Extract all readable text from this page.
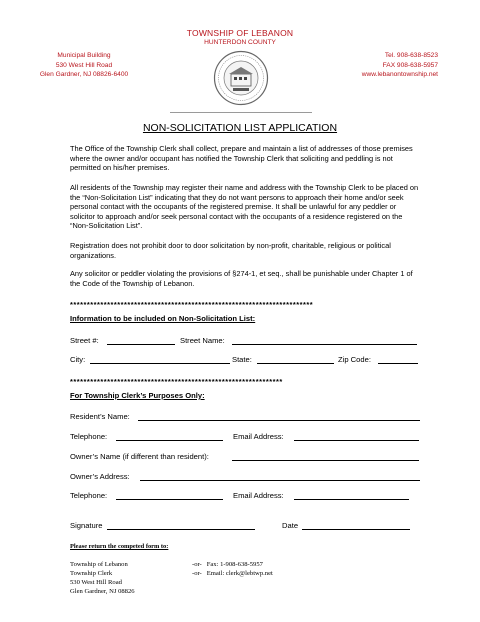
TOWNSHIP OF LEBANON
HUNTERDON COUNTY
Municipal Building
530 West Hill Road
Glen Gardner, NJ 08826-6400
Tel. 908-638-8523
FAX 908-638-5957
www.lebanontownship.net
NON-SOLICITATION LIST APPLICATION
The Office of the Township Clerk shall collect, prepare and maintain a list of addresses of those premises where the owner and/or occupant has notified the Township Clerk that soliciting and peddling is not permitted on his/her premises.
All residents of the Township may register their name and address with the Township Clerk to be placed on the “Non-Solicitation List” indicating that they do not want persons to approach their home and/or seek personal contact with the occupants of the registered premise. It shall be unlawful for any peddler or solicitor to approach and/or seek personal contact with the occupants of a residence registered on the “Non-Solicitation List”.
Registration does not prohibit door to door solicitation by non-profit, charitable, religious or political organizations.
Any solicitor or peddler violating the provisions of §274-1, et seq., shall be punishable under Chapter 1 of the Code of the Township of Lebanon.
************************************************************************
Information to be included on Non-Solicitation List:
Street #:	Street Name:
City:	State:	Zip Code:
***************************************************************
For Township Clerk’s Purposes Only:
Resident’s Name:
Telephone:	Email Address:
Owner’s Name (if different than resident):
Owner’s Address:
Telephone:	Email Address:
Signature	Date
Please return the competed form to:
Township of Lebanon
Township Clerk
530 West Hill Road
Glen Gardner, NJ 08826
-or-   Fax: 1-908-638-5957
-or-   Email: clerk@lebtwp.net
